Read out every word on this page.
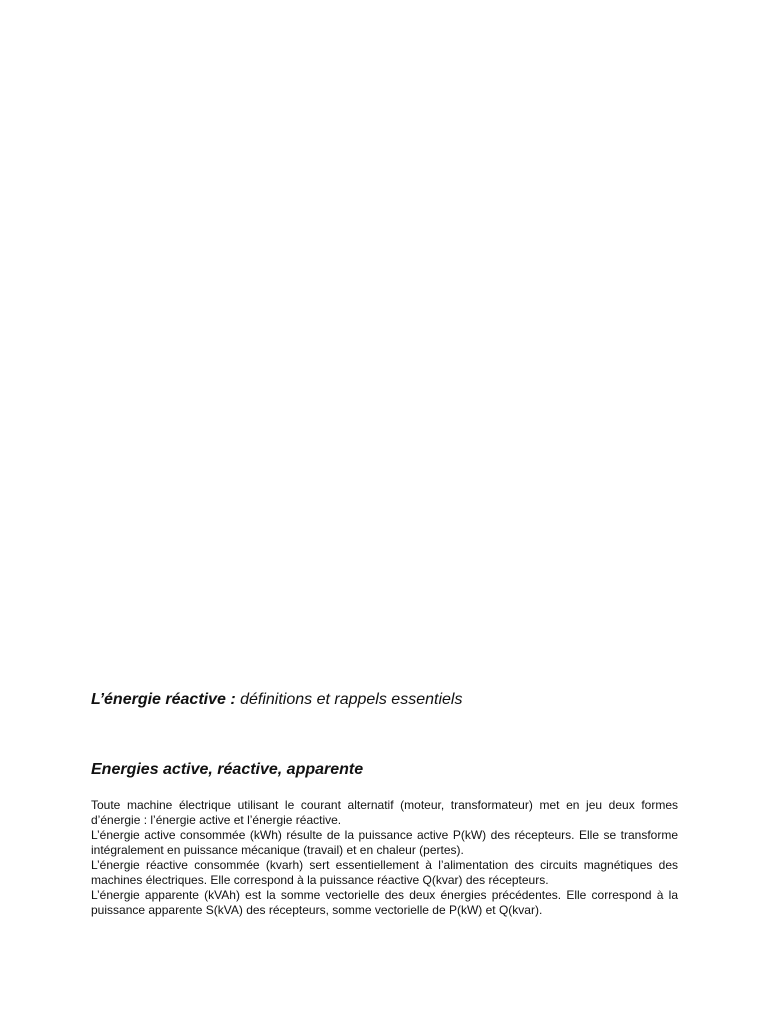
L’énergie réactive : définitions et rappels essentiels
Energies active, réactive, apparente

Toute machine électrique utilisant le courant alternatif (moteur, transformateur) met en jeu deux formes d’énergie : l’énergie active et l’énergie réactive.

L’énergie active consommée (kWh) résulte de la puissance active P(kW) des récepteurs. Elle se transforme intégralement en puissance mécanique (travail) et en chaleur (pertes).

L’énergie réactive consommée (kvarh) sert essentiellement à l’alimentation des circuits magnétiques des machines électriques. Elle correspond à la puissance réactive Q(kvar) des récepteurs.

L’énergie apparente (kVAh) est la somme vectorielle des deux énergies précédentes. Elle correspond à la puissance apparente S(kVA) des récepteurs, somme vectorielle de P(kW) et Q(kvar).
